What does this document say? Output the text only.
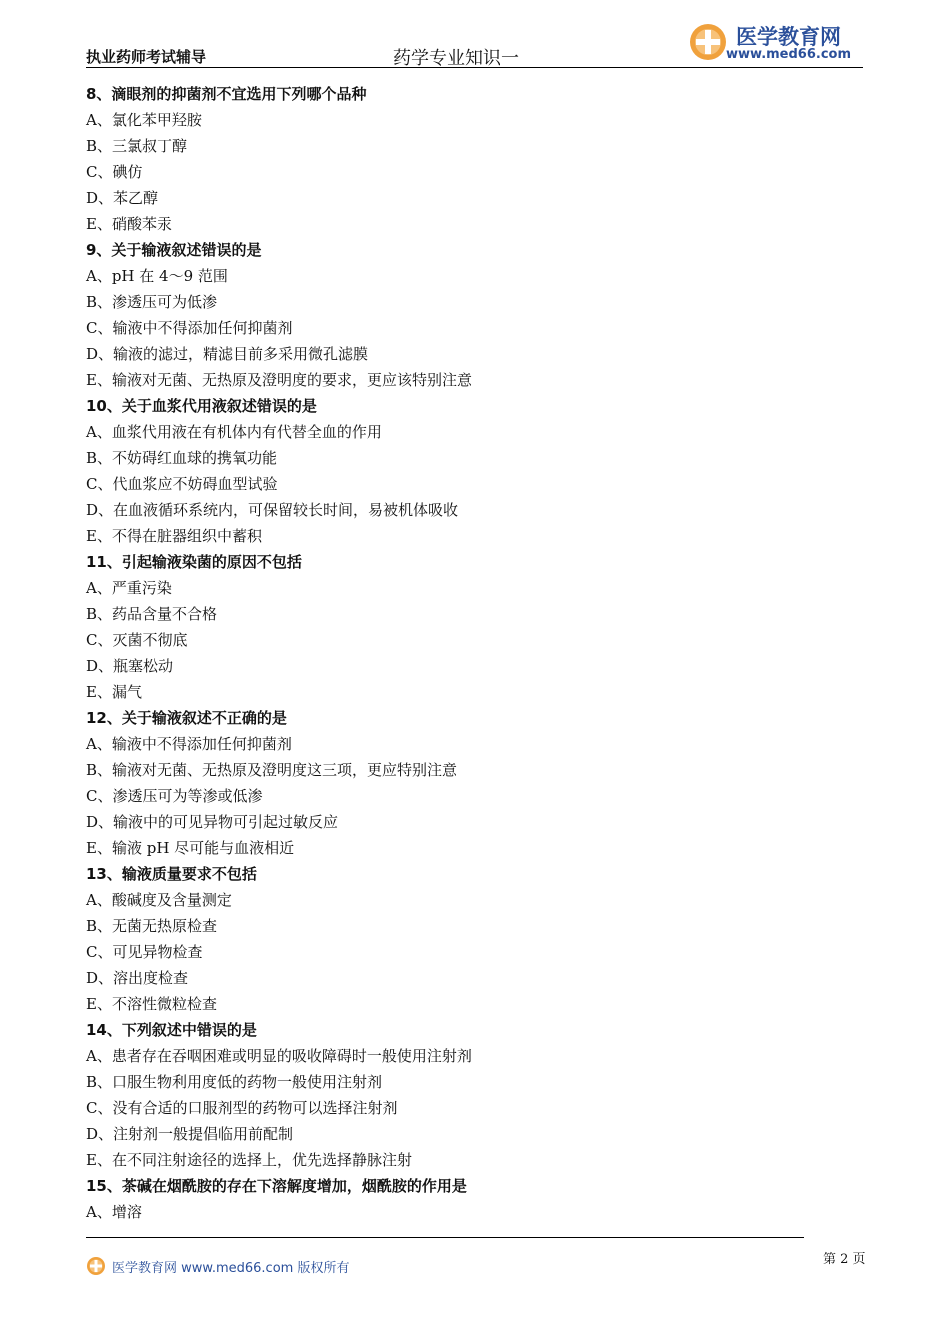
执业药师考试辅导	药学专业知识一
医学教育网
www.med66.com
8、滴眼剂的抑菌剂不宜选用下列哪个品种
A、氯化苯甲羟胺
B、三氯叔丁醇
C、碘仿
D、苯乙醇
E、硝酸苯汞
9、关于输液叙述错误的是
A、pH 在 4～9 范围
B、渗透压可为低渗
C、输液中不得添加任何抑菌剂
D、输液的滤过，精滤目前多采用微孔滤膜
E、输液对无菌、无热原及澄明度的要求，更应该特别注意
10、关于血浆代用液叙述错误的是
A、血浆代用液在有机体内有代替全血的作用
B、不妨碍红血球的携氧功能
C、代血浆应不妨碍血型试验
D、在血液循环系统内，可保留较长时间，易被机体吸收
E、不得在脏器组织中蓄积
11、引起输液染菌的原因不包括
A、严重污染
B、药品含量不合格
C、灭菌不彻底
D、瓶塞松动
E、漏气
12、关于输液叙述不正确的是
A、输液中不得添加任何抑菌剂
B、输液对无菌、无热原及澄明度这三项，更应特别注意
C、渗透压可为等渗或低渗
D、输液中的可见异物可引起过敏反应
E、输液 pH 尽可能与血液相近
13、输液质量要求不包括
A、酸碱度及含量测定
B、无菌无热原检查
C、可见异物检查
D、溶出度检查
E、不溶性微粒检查
14、下列叙述中错误的是
A、患者存在吞咽困难或明显的吸收障碍时一般使用注射剂
B、口服生物利用度低的药物一般使用注射剂
C、没有合适的口服剂型的药物可以选择注射剂
D、注射剂一般提倡临用前配制
E、在不同注射途径的选择上，优先选择静脉注射
15、茶碱在烟酰胺的存在下溶解度增加，烟酰胺的作用是
A、增溶
第 2 页
医学教育网 www.med66.com 版权所有
